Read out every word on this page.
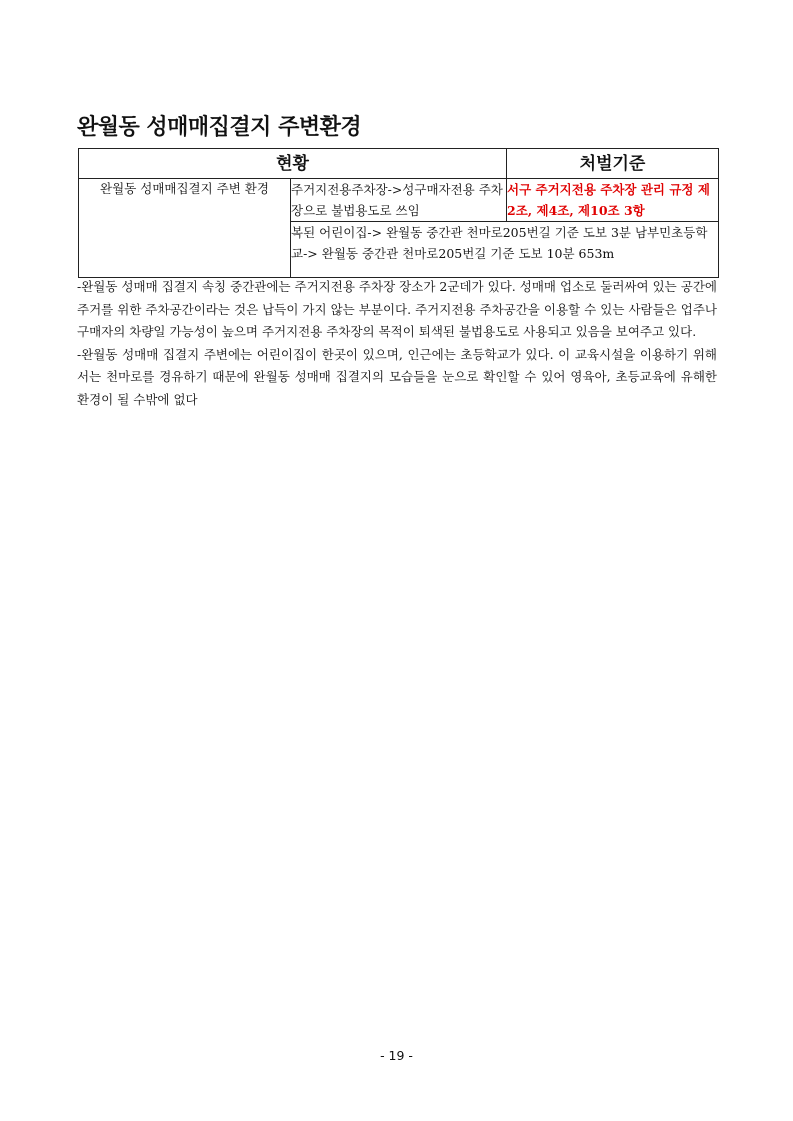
완월동 성매매집결지 주변환경
현황		처벌기준
완월동 성매매집결지 주변 환경	주거지전용주차장->성구매자전용 주차장으로 불법용도로 쓰임	서구 주거지전용 주차장 관리 규정 제2조, 제4조, 제10조 3항
	복된 어린이집-> 완월동 중간관 천마로205번길 기준 도보 3분 남부민초등학교-> 완월동 중간관 천마로205번길 기준 도보 10분 653m	

-완월동 성매매 집결지 속칭 중간관에는 주거지전용 주차장 장소가 2군데가 있다. 성매매 업소로 둘러싸여 있는 공간에 주거를 위한 주차공간이라는 것은 납득이 가지 않는 부분이다. 주거지전용 주차공간을 이용할 수 있는 사람들은 업주나 구매자의 차량일 가능성이 높으며 주거지전용 주차장의 목적이 퇴색된 불법용도로 사용되고 있음을 보여주고 있다.

-완월동 성매매 집결지 주변에는 어린이집이 한곳이 있으며, 인근에는 초등학교가 있다. 이 교육시설을 이용하기 위해서는 천마로를 경유하기 때문에 완월동 성매매 집결지의 모습들을 눈으로 확인할 수 있어 영육아, 초등교육에 유해한 환경이 될 수밖에 없다

- 19 -
